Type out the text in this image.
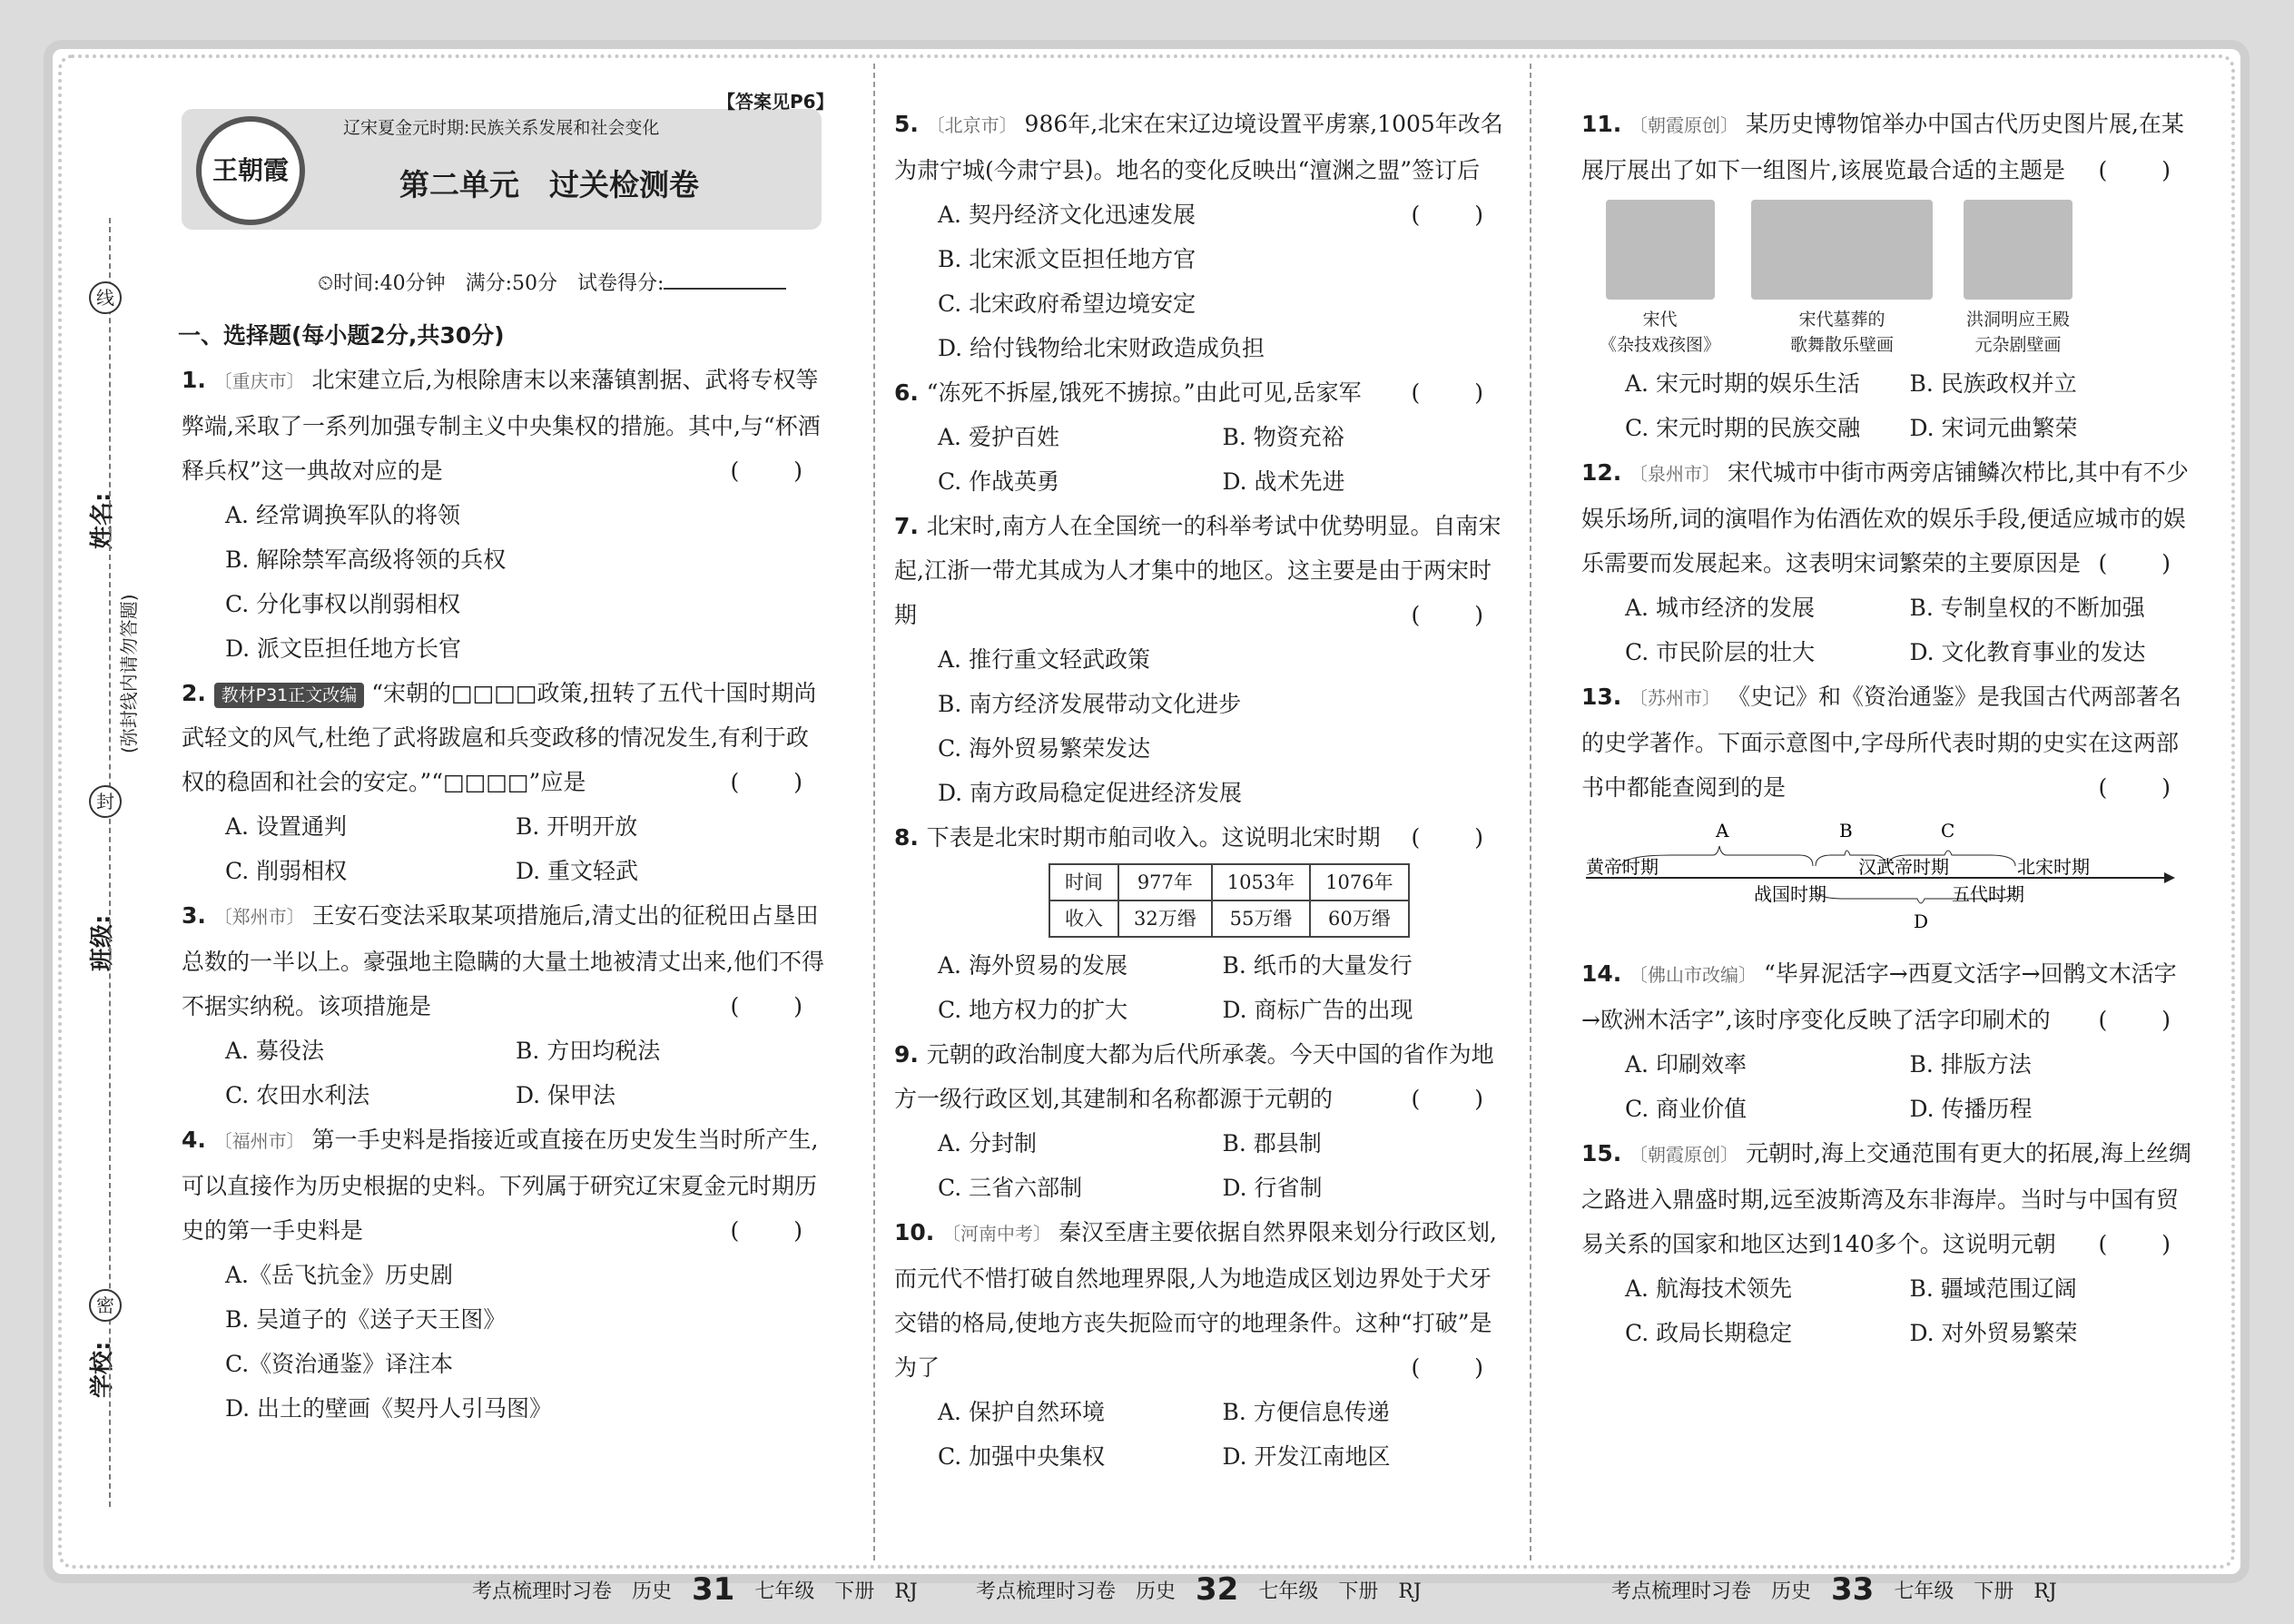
姓名:
班级:
学校:
(弥封线内请勿答题)
线
封
密
王朝霞
【答案见P6】
辽宋夏金元时期:民族关系发展和社会变化
第二单元　过关检测卷
⏲时间:40分钟　满分:50分　试卷得分:
一、选择题(每小题2分,共30分)
1. 〔重庆市〕 北宋建立后,为根除唐末以来藩镇割据、武将专权等弊端,采取了一系列加强专制主义中央集权的措施。其中,与“杯酒释兵权”这一典故对应的是	( )
A. 经常调换军队的将领
B. 解除禁军高级将领的兵权
C. 分化事权以削弱相权
D. 派文臣担任地方长官
2. 教材P31正文改编 “宋朝的□□□□政策,扭转了五代十国时期尚武轻文的风气,杜绝了武将跋扈和兵变政移的情况发生,有利于政权的稳固和社会的安定。”“□□□□”应是	( )
A. 设置通判	B. 开明开放
C. 削弱相权	D. 重文轻武
3. 〔郑州市〕 王安石变法采取某项措施后,清丈出的征税田占垦田总数的一半以上。豪强地主隐瞒的大量土地被清丈出来,他们不得不据实纳税。该项措施是	( )
A. 募役法	B. 方田均税法
C. 农田水利法	D. 保甲法
4. 〔福州市〕 第一手史料是指接近或直接在历史发生当时所产生,可以直接作为历史根据的史料。下列属于研究辽宋夏金元时期历史的第一手史料是	( )
A.《岳飞抗金》历史剧
B. 吴道子的《送子天王图》
C.《资治通鉴》译注本
D. 出土的壁画《契丹人引马图》
5. 〔北京市〕 986年,北宋在宋辽边境设置平虏寨,1005年改名为肃宁城(今肃宁县)。地名的变化反映出“澶渊之盟”签订后
( )
A. 契丹经济文化迅速发展
B. 北宋派文臣担任地方官
C. 北宋政府希望边境安定
D. 给付钱物给北宋财政造成负担
6. “冻死不拆屋,饿死不掳掠。”由此可见,岳家军 ( )
A. 爱护百姓	B. 物资充裕
C. 作战英勇	D. 战术先进
7. 北宋时,南方人在全国统一的科举考试中优势明显。自南宋起,江浙一带尤其成为人才集中的地区。这主要是由于两宋时期	( )
A. 推行重文轻武政策
B. 南方经济发展带动文化进步
C. 海外贸易繁荣发达
D. 南方政局稳定促进经济发展
8. 下表是北宋时期市舶司收入。这说明北宋时期 ( )
时间	977年	1053年	1076年
收入	32万缗	55万缗	60万缗
A. 海外贸易的发展	B. 纸币的大量发行
C. 地方权力的扩大	D. 商标广告的出现
9. 元朝的政治制度大都为后代所承袭。今天中国的省作为地方一级行政区划,其建制和名称都源于元朝的	( )
A. 分封制	B. 郡县制
C. 三省六部制	D. 行省制
10. 〔河南中考〕 秦汉至唐主要依据自然界限来划分行政区划,而元代不惜打破自然地理界限,人为地造成区划边界处于犬牙交错的格局,使地方丧失扼险而守的地理条件。这种“打破”是为了	( )
A. 保护自然环境	B. 方便信息传递
C. 加强中央集权	D. 开发江南地区
11. 〔朝霞原创〕 某历史博物馆举办中国古代历史图片展,在某展厅展出了如下一组图片,该展览最合适的主题是 ( )
宋代
《杂技戏孩图》
宋代墓葬的
歌舞散乐壁画
洪洞明应王殿
元杂剧壁画
A. 宋元时期的娱乐生活	B. 民族政权并立
C. 宋元时期的民族交融	D. 宋词元曲繁荣
12. 〔泉州市〕 宋代城市中街市两旁店铺鳞次栉比,其中有不少娱乐场所,词的演唱作为佑酒佐欢的娱乐手段,便适应城市的娱乐需要而发展起来。这表明宋词繁荣的主要原因是 ( )
A. 城市经济的发展	B. 专制皇权的不断加强
C. 市民阶层的壮大	D. 文化教育事业的发达
13. 〔苏州市〕 《史记》和《资治通鉴》是我国古代两部著名的史学著作。下面示意图中,字母所代表时期的史实在这两部书中都能查阅到的是	( )
A	B	C
D
黄帝时期
战国时期
汉武帝时期
五代时期
北宋时期
14. 〔佛山市改编〕 “毕昇泥活字→西夏文活字→回鹘文木活字→欧洲木活字”,该时序变化反映了活字印刷术的 ( )
A. 印刷效率	B. 排版方法
C. 商业价值	D. 传播历程
15. 〔朝霞原创〕 元朝时,海上交通范围有更大的拓展,海上丝绸之路进入鼎盛时期,远至波斯湾及东非海岸。当时与中国有贸易关系的国家和地区达到140多个。这说明元朝 ( )
A. 航海技术领先	B. 疆域范围辽阔
C. 政局长期稳定	D. 对外贸易繁荣
考点梳理时习卷　历史 31 七年级　下册　RJ	考点梳理时习卷　历史 32 七年级　下册　RJ	考点梳理时习卷　历史 33 七年级　下册　RJ
